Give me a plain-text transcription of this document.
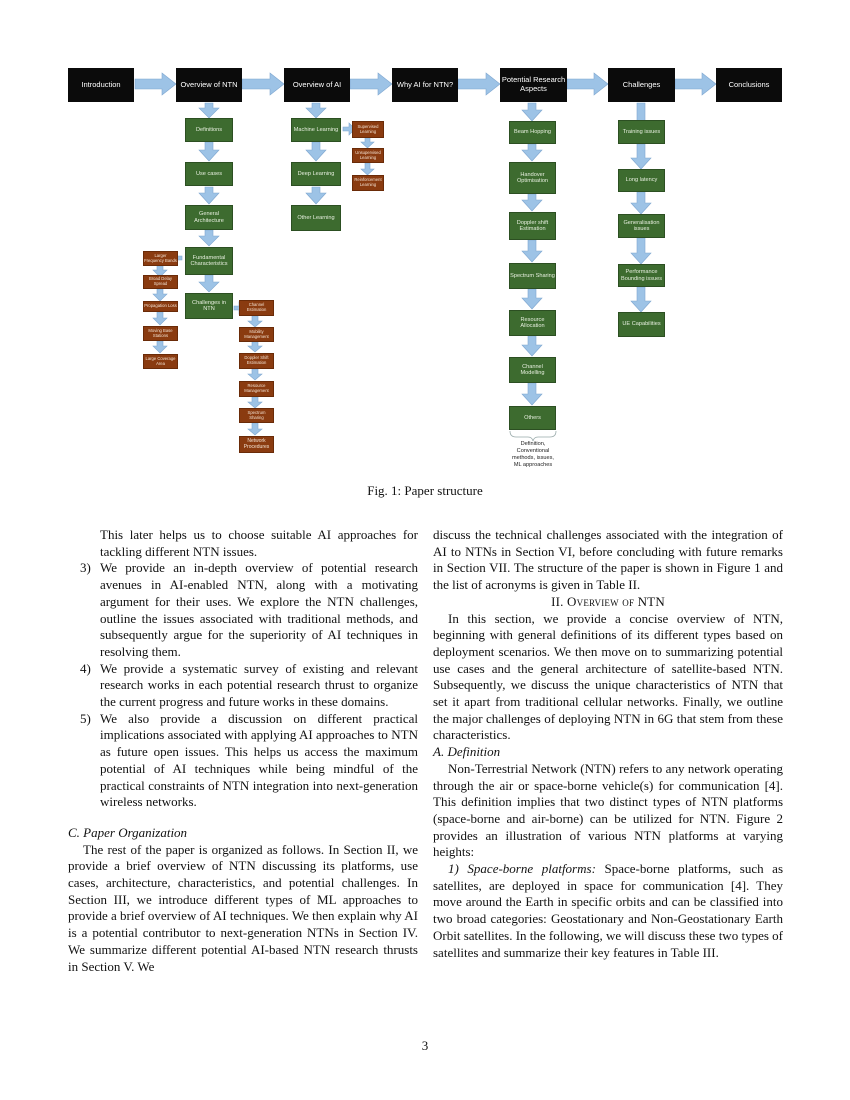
Introduction	Overview of NTN	Overview of AI	Why AI for NTN?	Potential Research Aspects	Challenges	Conclusions
Definitions
Use cases
General Architecture
Fundamental Characteristics
Challenges in NTN
Larger Frequency Bands
Broad Delay Spread
Propagation Loss
Moving Base Stations
Large Coverage Area
Channel Estimation
Mobility Management
Doppler Shift Estimation
Resource Management
Spectrum Sharing
Network Procedures
Machine Learning
Deep Learning
Other Learning
Supervised Learning
Unsupervised Learning
Reinforcement Learning
Beam Hopping
Handover Optimisation
Doppler shift Estimation
Spectrum Sharing
Resource Allocation
Channel Modelling
Others
Definition, Conventional methods, issues, ML approaches
Training issues
Long latency
Generalisation issues
Performance Bounding issues
UE Capabilities
Fig. 1: Paper structure

This later helps us to choose suitable AI approaches for tackling different NTN issues.

3) We provide an in-depth overview of potential research avenues in AI-enabled NTN, along with a motivating argument for their uses. We explore the NTN challenges, outline the issues associated with traditional methods, and subsequently argue for the superiority of AI techniques in resolving them.

4) We provide a systematic survey of existing and relevant research works in each potential research thrust to organize the current progress and future works in these domains.

5) We also provide a discussion on different practical implications associated with applying AI approaches to NTN as future open issues. This helps us access the maximum potential of AI techniques while being mindful of the practical constraints of NTN integration into next-generation wireless networks.

C. Paper Organization

The rest of the paper is organized as follows. In Section II, we provide a brief overview of NTN discussing its platforms, use cases, architecture, characteristics, and potential challenges. In Section III, we introduce different types of ML approaches to provide a brief overview of AI techniques. We then explain why AI is a potential contributor to next-generation NTNs in Section IV. We summarize different potential AI-based NTN research thrusts in Section V. We

discuss the technical challenges associated with the integration of AI to NTNs in Section VI, before concluding with future remarks in Section VII. The structure of the paper is shown in Figure 1 and the list of acronyms is given in Table II.

II. Overview of NTN

In this section, we provide a concise overview of NTN, beginning with general definitions of its different types based on deployment scenarios. We then move on to summarizing potential use cases and the general architecture of satellite-based NTN. Subsequently, we discuss the unique characteristics of NTN that set it apart from traditional cellular networks. Finally, we outline the major challenges of deploying NTN in 6G that stem from these characteristics.

A. Definition

Non-Terrestrial Network (NTN) refers to any network operating through the air or space-borne vehicle(s) for communication [4]. This definition implies that two distinct types of NTN platforms (space-borne and air-borne) can be utilized for NTN. Figure 2 provides an illustration of various NTN platforms at varying heights:

1) Space-borne platforms: Space-borne platforms, such as satellites, are deployed in space for communication [4]. They move around the Earth in specific orbits and can be classified into two broad categories: Geostationary and Non-Geostationary Earth Orbit satellites. In the following, we will discuss these two types of satellites and summarize their key features in Table III.

3
